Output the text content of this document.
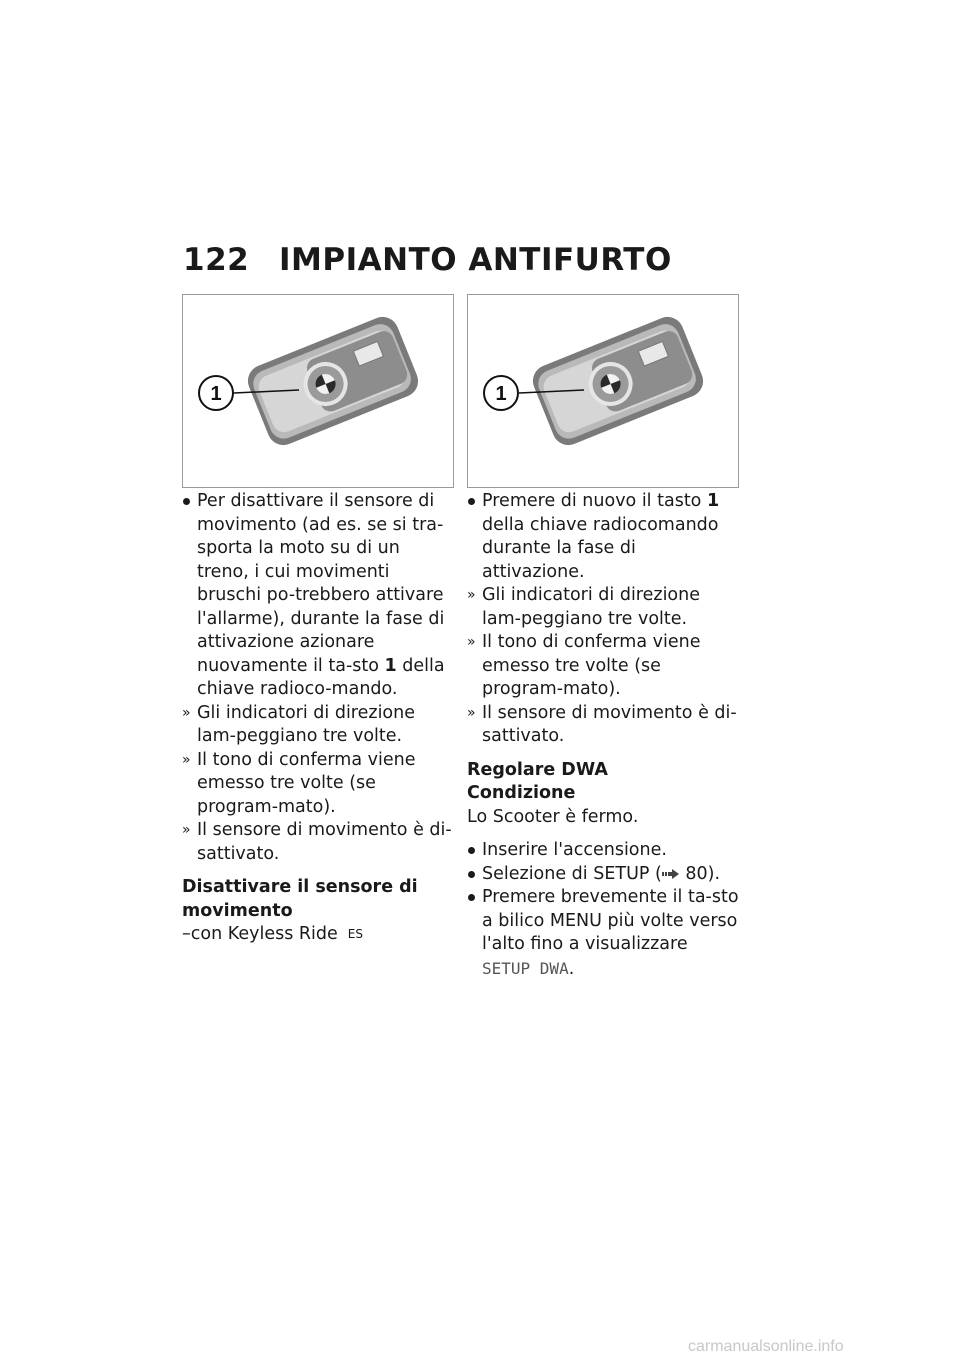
122 IMPIANTO ANTIFURTO
1	1

Per disattivare il sensore di movimento (ad es. se si tra-sporta la moto su di un treno, i cui movimenti bruschi po-trebbero attivare l'allarme), durante la fase di attivazione azionare nuovamente il ta-sto 1 della chiave radioco-mando.

» Gli indicatori di direzione lam-peggiano tre volte.

» Il tono di conferma viene emesso tre volte (se program-mato).

» Il sensore di movimento è di-sattivato.

Disattivare il sensore di movimento

–con Keyless Ride $^{ES}$

Premere di nuovo il tasto 1 della chiave radiocomando durante la fase di attivazione.

» Gli indicatori di direzione lam-peggiano tre volte.

» Il tono di conferma viene emesso tre volte (se program-mato).

» Il sensore di movimento è di-sattivato.

Regolare DWA

Condizione

Lo Scooter è fermo.

Inserire l'accensione.

Selezione di SETUP ( 80).

Premere brevemente il ta-sto a bilico MENU più volte verso l'alto fino a visualizzare
SETUP DWA.

carmanualsonline.info
